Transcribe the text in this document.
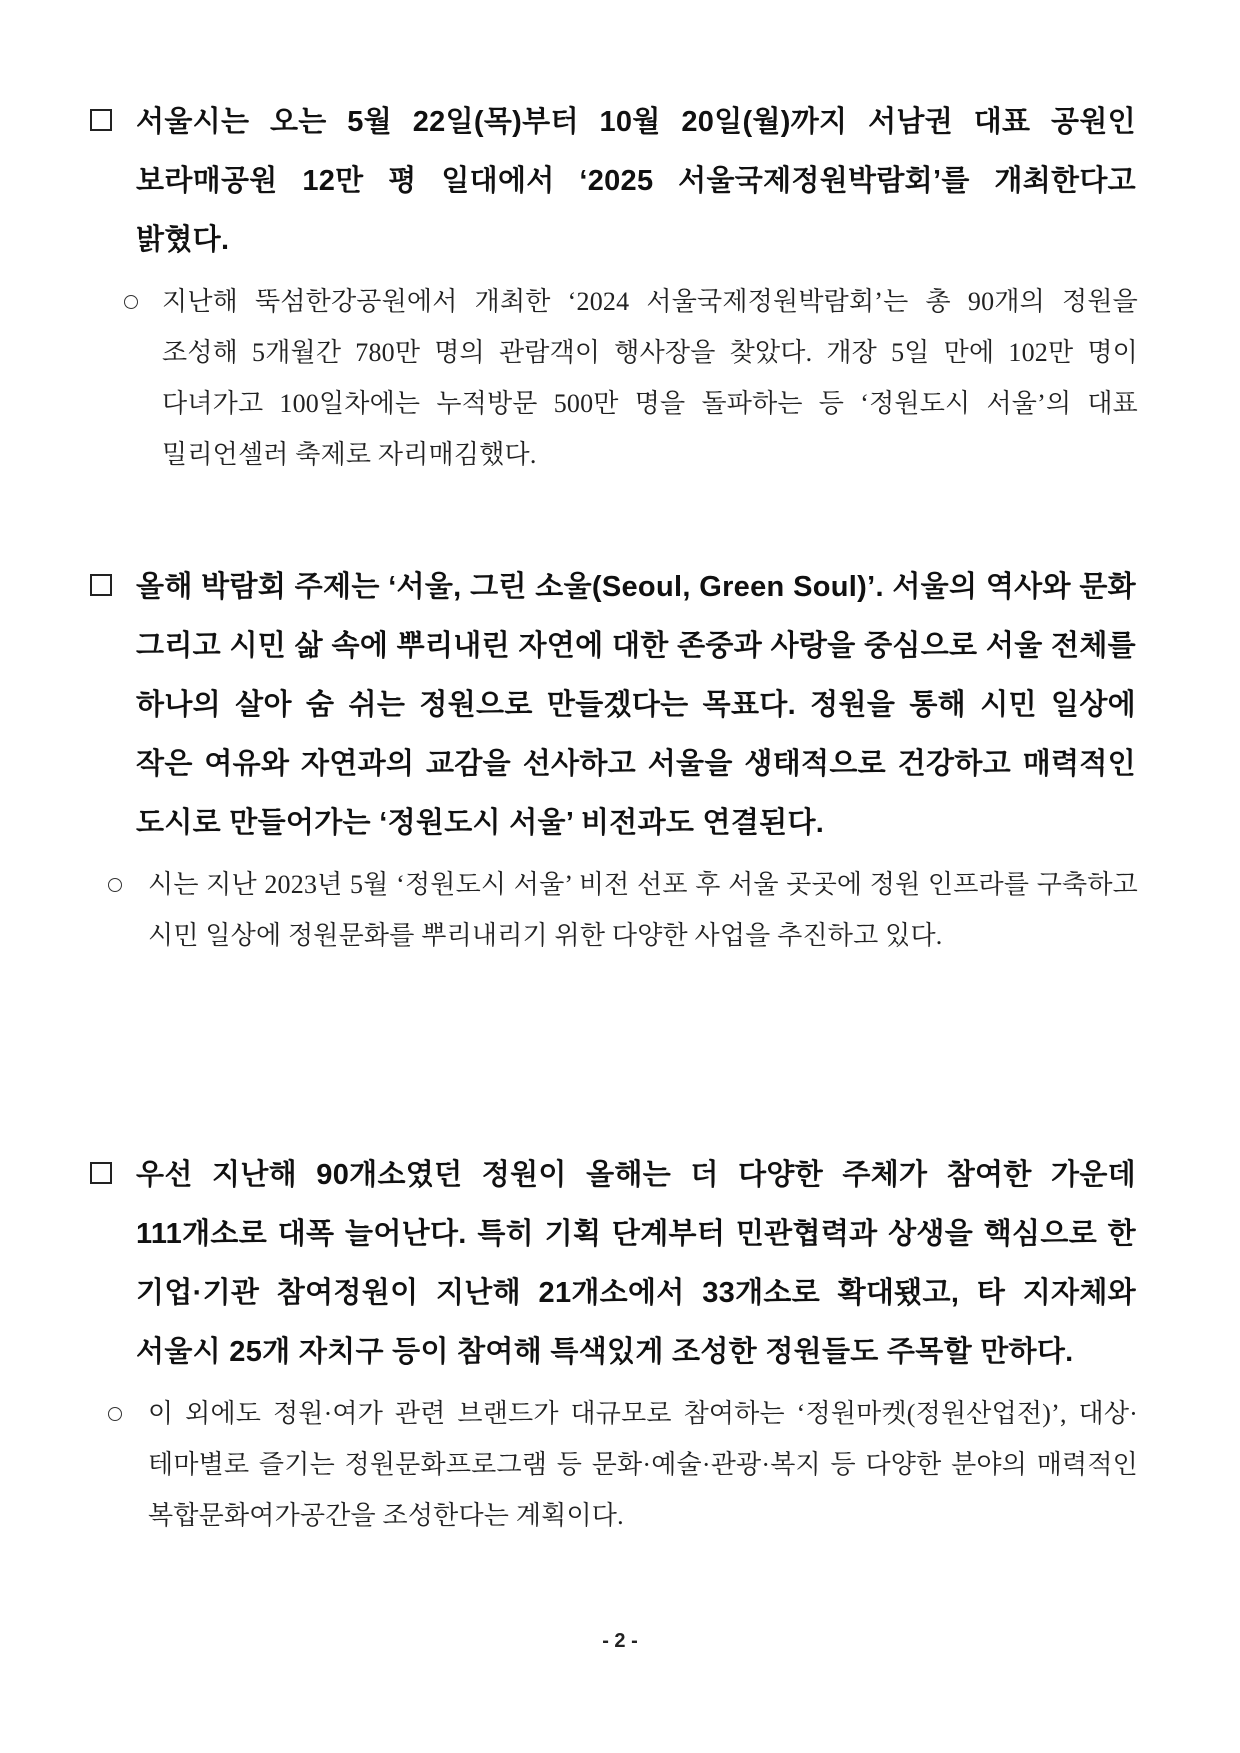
서울시는 오는 5월 22일(목)부터 10월 20일(월)까지 서남권 대표 공원인 보라매공원 12만 평 일대에서 ‘2025 서울국제정원박람회’를 개최한다고 밝혔다.
지난해 뚝섬한강공원에서 개최한 ‘2024 서울국제정원박람회’는 총 90개의 정원을 조성해 5개월간 780만 명의 관람객이 행사장을 찾았다. 개장 5일 만에 102만 명이 다녀가고 100일차에는 누적방문 500만 명을 돌파하는 등 ‘정원도시 서울’의 대표 밀리언셀러 축제로 자리매김했다.
올해 박람회 주제는 ‘서울, 그린 소울(Seoul, Green Soul)’. 서울의 역사와 문화 그리고 시민 삶 속에 뿌리내린 자연에 대한 존중과 사랑을 중심으로 서울 전체를 하나의 살아 숨 쉬는 정원으로 만들겠다는 목표다. 정원을 통해 시민 일상에 작은 여유와 자연과의 교감을 선사하고 서울을 생태적으로 건강하고 매력적인 도시로 만들어가는 ‘정원도시 서울’ 비전과도 연결된다.
시는 지난 2023년 5월 ‘정원도시 서울’ 비전 선포 후 서울 곳곳에 정원 인프라를 구축하고 시민 일상에 정원문화를 뿌리내리기 위한 다양한 사업을 추진하고 있다.
우선 지난해 90개소였던 정원이 올해는 더 다양한 주체가 참여한 가운데 111개소로 대폭 늘어난다. 특히 기획 단계부터 민관협력과 상생을 핵심으로 한 기업·기관 참여정원이 지난해 21개소에서 33개소로 확대됐고, 타 지자체와 서울시 25개 자치구 등이 참여해 특색있게 조성한 정원들도 주목할 만하다.
이 외에도 정원·여가 관련 브랜드가 대규모로 참여하는 ‘정원마켓(정원산업전)’, 대상·테마별로 즐기는 정원문화프로그램 등 문화·예술·관광·복지 등 다양한 분야의 매력적인 복합문화여가공간을 조성한다는 계획이다.
- 2 -
